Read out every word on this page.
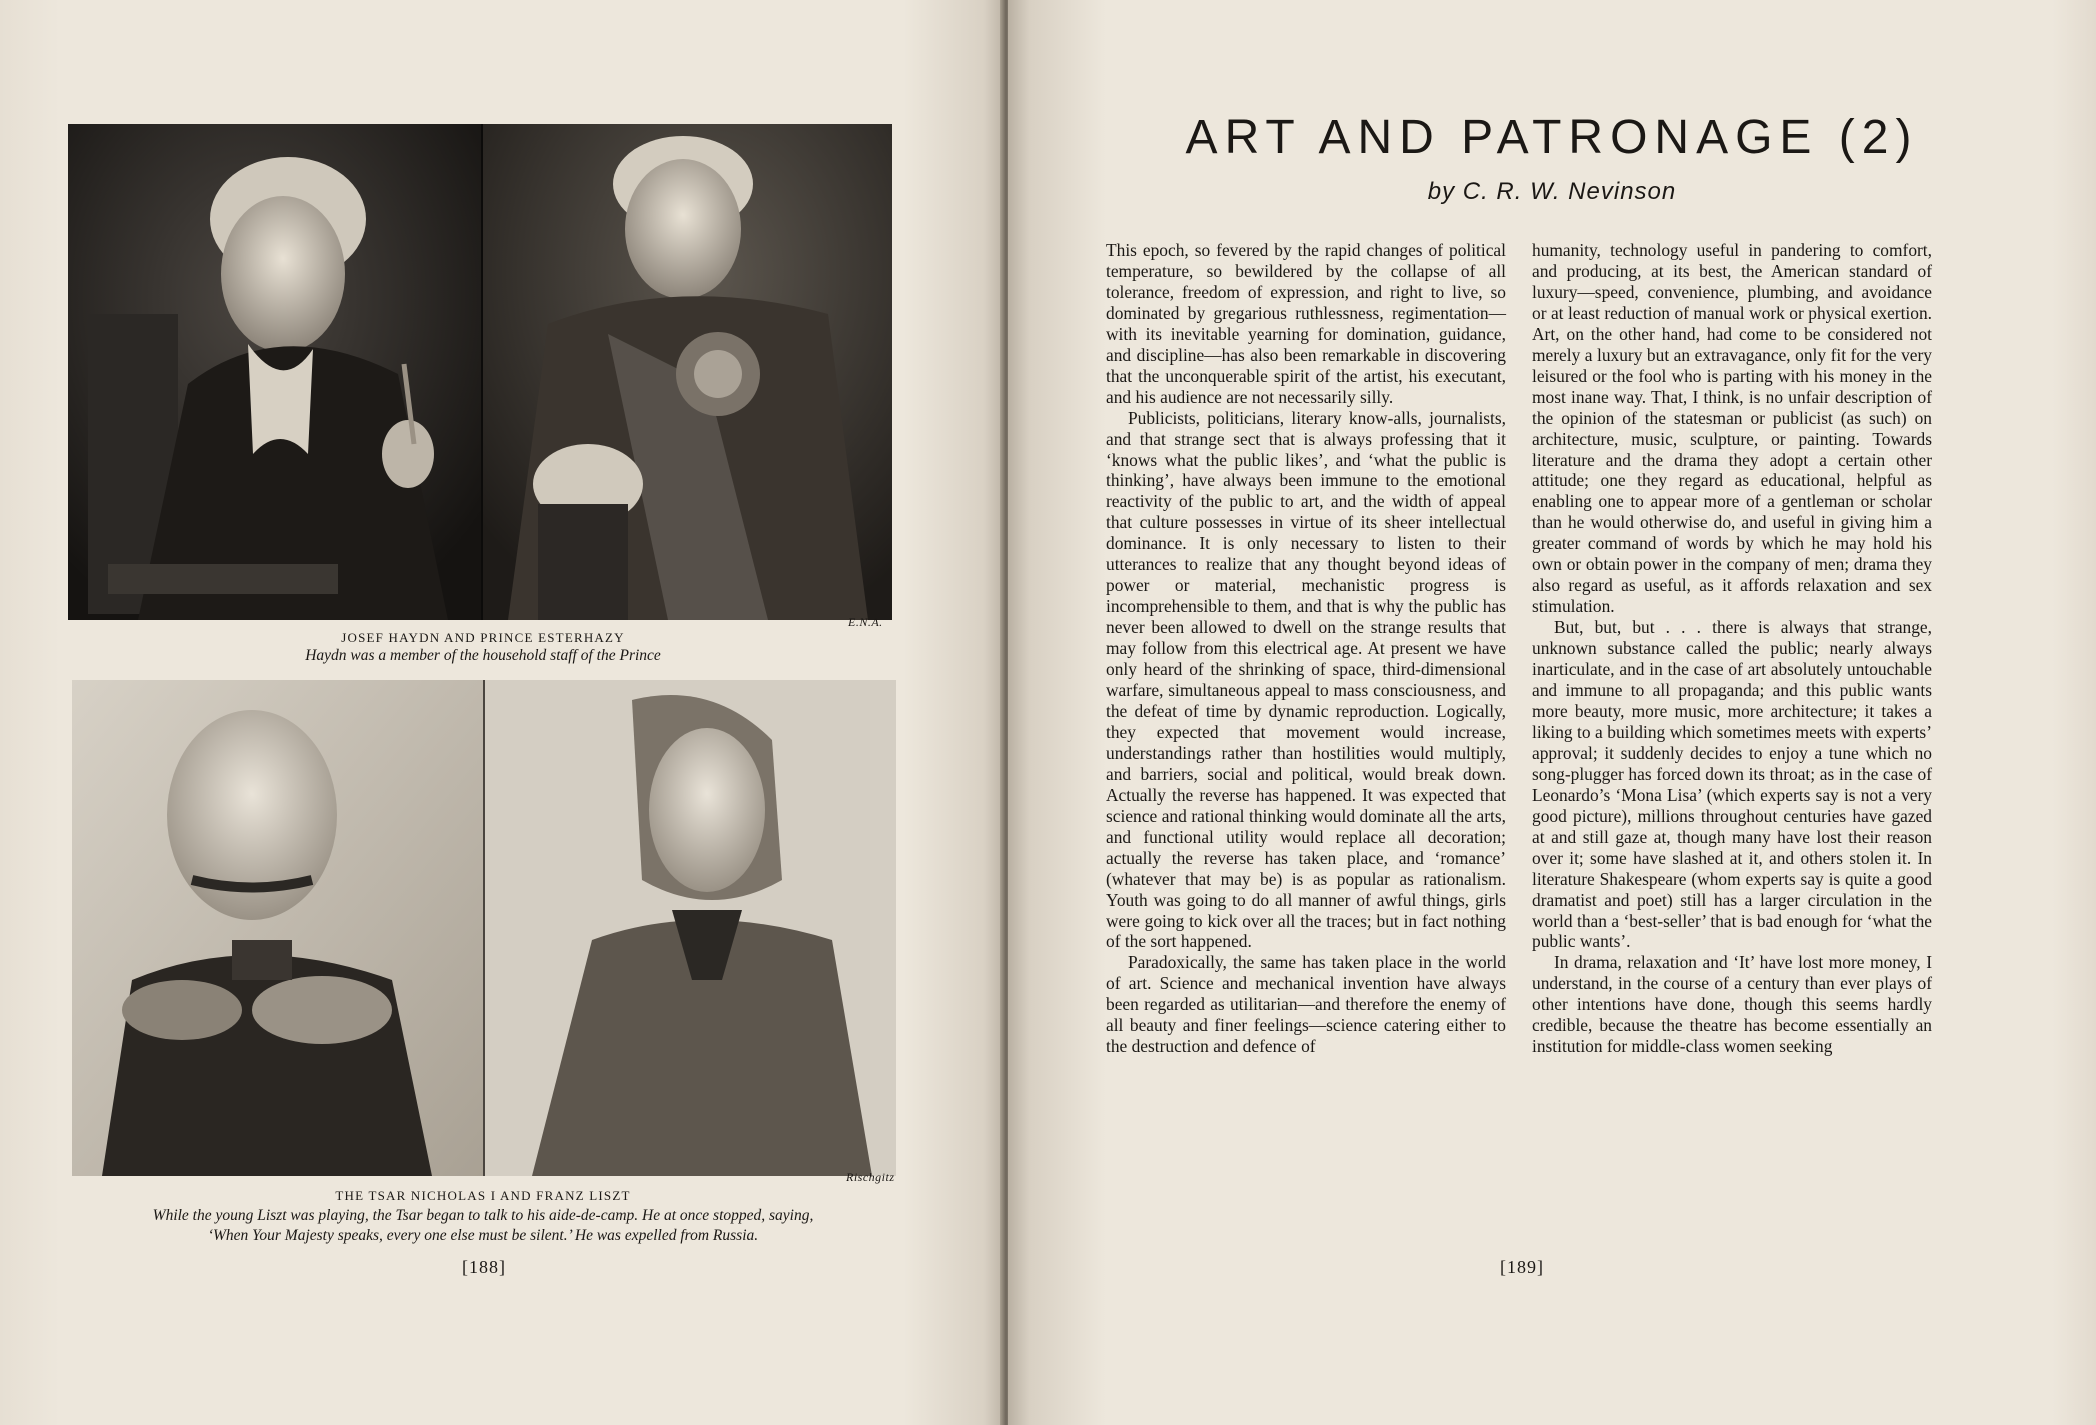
E.N.A.
JOSEF HAYDN AND PRINCE ESTERHAZY
Haydn was a member of the household staff of the Prince
Rischgitz
THE TSAR NICHOLAS I AND FRANZ LISZT
While the young Liszt was playing, the Tsar began to talk to his aide-de-camp. He at once stopped, saying,
‘When Your Majesty speaks, every one else must be silent.’ He was expelled from Russia.
[188]
ART AND PATRONAGE (2)
by C. R. W. Nevinson

This epoch, so fevered by the rapid changes of political temperature, so bewildered by the collapse of all tolerance, freedom of expression, and right to live, so dominated by gregarious ruthlessness, regimentation—with its inevitable yearning for domination, guidance, and discipline—has also been remarkable in discovering that the unconquerable spirit of the artist, his executant, and his audience are not necessarily silly.

Publicists, politicians, literary know-alls, journalists, and that strange sect that is always professing that it ‘knows what the public likes’, and ‘what the public is thinking’, have always been immune to the emotional reactivity of the public to art, and the width of appeal that culture possesses in virtue of its sheer intellectual dominance. It is only necessary to listen to their utterances to realize that any thought beyond ideas of power or material, mechanistic progress is incomprehensible to them, and that is why the public has never been allowed to dwell on the strange results that may follow from this electrical age. At present we have only heard of the shrinking of space, third-dimensional warfare, simultaneous appeal to mass consciousness, and the defeat of time by dynamic reproduction. Logically, they expected that movement would increase, understandings rather than hostilities would multiply, and barriers, social and political, would break down. Actually the reverse has happened. It was expected that science and rational thinking would dominate all the arts, and functional utility would replace all decoration; actually the reverse has taken place, and ‘romance’ (whatever that may be) is as popular as rationalism. Youth was going to do all manner of awful things, girls were going to kick over all the traces; but in fact nothing of the sort happened.

Paradoxically, the same has taken place in the world of art. Science and mechanical invention have always been regarded as utilitarian—and therefore the enemy of all beauty and finer feelings—science catering either to the destruction and defence of

humanity, technology useful in pandering to comfort, and producing, at its best, the American standard of luxury—speed, convenience, plumbing, and avoidance or at least reduction of manual work or physical exertion. Art, on the other hand, had come to be considered not merely a luxury but an extravagance, only fit for the very leisured or the fool who is parting with his money in the most inane way. That, I think, is no unfair description of the opinion of the statesman or publicist (as such) on architecture, music, sculpture, or painting. Towards literature and the drama they adopt a certain other attitude; one they regard as educational, helpful as enabling one to appear more of a gentleman or scholar than he would otherwise do, and useful in giving him a greater command of words by which he may hold his own or obtain power in the company of men; drama they also regard as useful, as it affords relaxation and sex stimulation.

But, but, but . . . there is always that strange, unknown substance called the public; nearly always inarticulate, and in the case of art absolutely untouchable and immune to all propaganda; and this public wants more beauty, more music, more architecture; it takes a liking to a building which sometimes meets with experts’ approval; it suddenly decides to enjoy a tune which no song-plugger has forced down its throat; as in the case of Leonardo’s ‘Mona Lisa’ (which experts say is not a very good picture), millions throughout centuries have gazed at and still gaze at, though many have lost their reason over it; some have slashed at it, and others stolen it. In literature Shakespeare (whom experts say is quite a good dramatist and poet) still has a larger circulation in the world than a ‘best-seller’ that is bad enough for ‘what the public wants’.

In drama, relaxation and ‘It’ have lost more money, I understand, in the course of a century than ever plays of other intentions have done, though this seems hardly credible, because the theatre has become essentially an institution for middle-class women seeking

[189]
